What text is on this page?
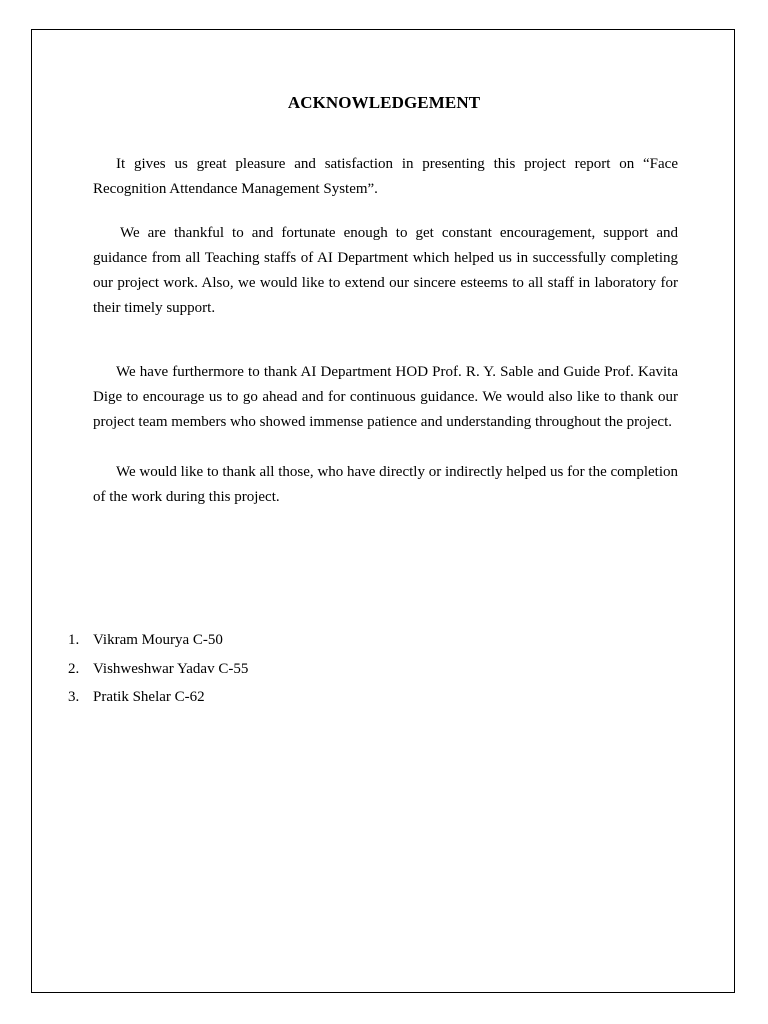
ACKNOWLEDGEMENT

It gives us great pleasure and satisfaction in presenting this project report on “Face Recognition Attendance Management System”.

We are thankful to and fortunate enough to get constant encouragement, support and guidance from all Teaching staffs of AI Department which helped us in successfully completing our project work. Also, we would like to extend our sincere esteems to all staff in laboratory for their timely support.

We have furthermore to thank AI Department HOD Prof. R. Y. Sable and Guide Prof. Kavita Dige to encourage us to go ahead and for continuous guidance. We would also like to thank our project team members who showed immense patience and understanding throughout the project.

We would like to thank all those, who have directly or indirectly helped us for the completion of the work during this project.

1. Vikram Mourya C-50
2. Vishweshwar Yadav C-55
3. Pratik Shelar C-62
